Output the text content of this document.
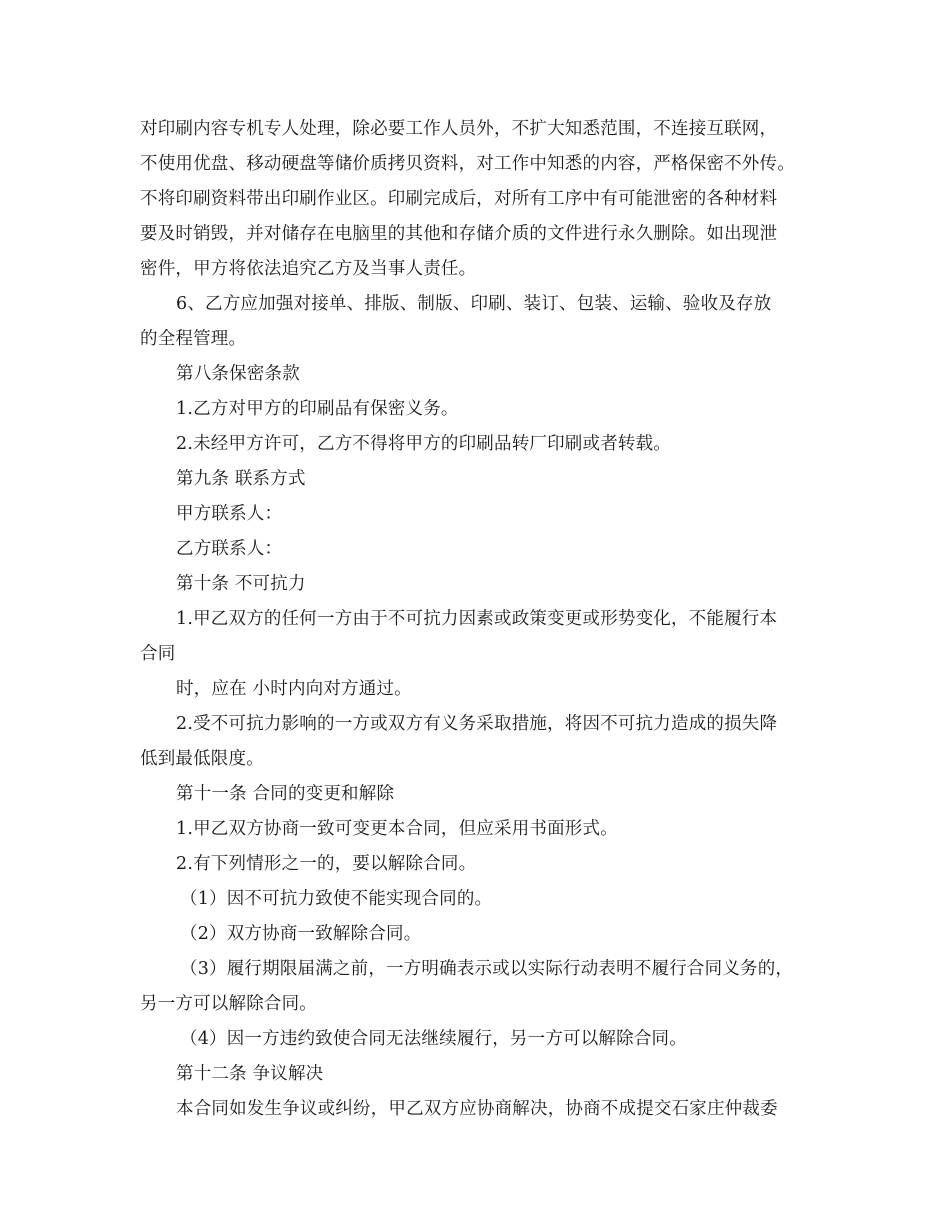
对印刷内容专机专人处理，除必要工作人员外，不扩大知悉范围，不连接互联网，
不使用优盘、移动硬盘等储价质拷贝资料，对工作中知悉的内容，严格保密不外传。
不将印刷资料带出印刷作业区。印刷完成后，对所有工序中有可能泄密的各种材料
要及时销毁，并对储存在电脑里的其他和存储介质的文件进行永久删除。如出现泄
密件，甲方将依法追究乙方及当事人责任。
6、乙方应加强对接单、排版、制版、印刷、装订、包装、运输、验收及存放
的全程管理。
第八条保密条款
1.乙方对甲方的印刷品有保密义务。
2.未经甲方许可，乙方不得将甲方的印刷品转厂印刷或者转载。
第九条 联系方式
甲方联系人：
乙方联系人：
第十条 不可抗力
1.甲乙双方的任何一方由于不可抗力因素或政策变更或形势变化，不能履行本
合同
时，应在 小时内向对方通过。
2.受不可抗力影响的一方或双方有义务采取措施，将因不可抗力造成的损失降
低到最低限度。
第十一条 合同的变更和解除
1.甲乙双方协商一致可变更本合同，但应采用书面形式。
2.有下列情形之一的，要以解除合同。
（1）因不可抗力致使不能实现合同的。
（2）双方协商一致解除合同。
（3）履行期限届满之前，一方明确表示或以实际行动表明不履行合同义务的，
另一方可以解除合同。
（4）因一方违约致使合同无法继续履行，另一方可以解除合同。
第十二条 争议解决
本合同如发生争议或纠纷，甲乙双方应协商解决，协商不成提交石家庄仲裁委
